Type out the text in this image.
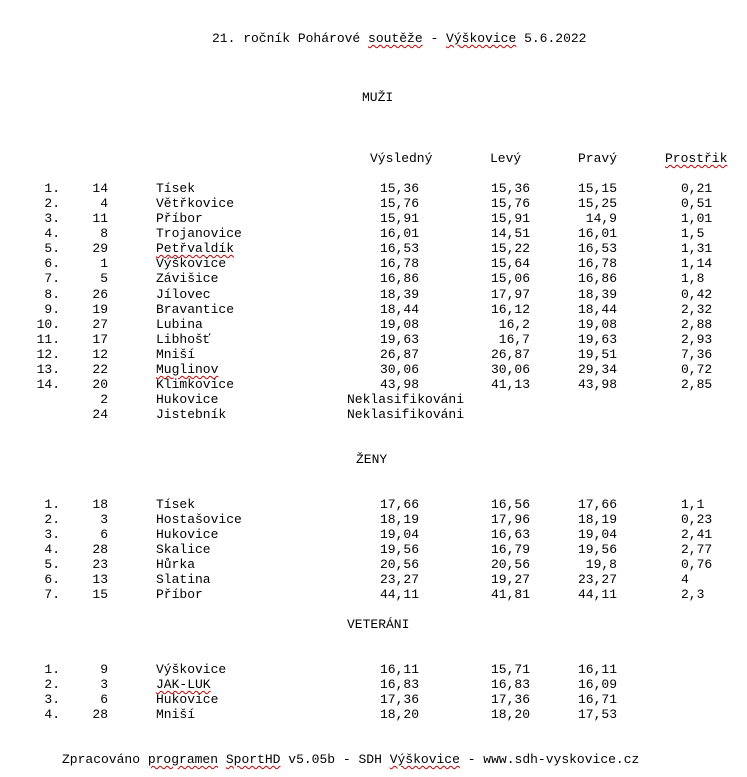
21. ročník Pohárové soutěže - Výškovice 5.6.2022
MUŽI
Výsledný	Levý	Pravý	Prostřik
1. 14	Tísek	15,36	15,36	15,15	0,21
2.	4	Větřkovice	15,76	15,76	15,25	0,51
3. 11	Příbor	15,91	15,91	14,9	1,01
4.	8	Trojanovice	16,01	14,51	16,01	1,5
5. 29	Petřvaldík	16,53	15,22	16,53	1,31
6.	1	Výškovice	16,78	15,64	16,78	1,14
7.	5	Závišice	16,86	15,06	16,86	1,8
8. 26	Jílovec	18,39	17,97	18,39	0,42
9. 19	Bravantice	18,44	16,12	18,44	2,32
10. 27	Lubina	19,08	16,2	19,08	2,88
11. 17	Libhošť	19,63	16,7	19,63	2,93
12. 12	Mniší	26,87	26,87	19,51	7,36
13. 22	Muglinov	30,06	30,06	29,34	0,72
14. 20	Klimkovice	43,98	41,13	43,98	2,85
2	Hukovice	Neklasifikováni
24	Jistebník	Neklasifikováni
ŽENY
1. 18	Tísek	17,66	16,56	17,66	1,1
2.	3	Hostašovice	18,19	17,96	18,19	0,23
3.	6	Hukovice	19,04	16,63	19,04	2,41
4. 28	Skalice	19,56	16,79	19,56	2,77
5. 23	Hůrka	20,56	20,56	19,8	0,76
6. 13	Slatina	23,27	19,27	23,27	4
7. 15	Příbor	44,11	41,81	44,11	2,3
VETERÁNI
1.	9	Výškovice	16,11	15,71	16,11
2.	3	JAK-LUK	16,83	16,83	16,09
3.	6	Hukovice	17,36	17,36	16,71
4. 28	Mniší	18,20	18,20	17,53
Zpracováno programen SportHD v5.05b - SDH Výškovice - www.sdh-vyskovice.cz
